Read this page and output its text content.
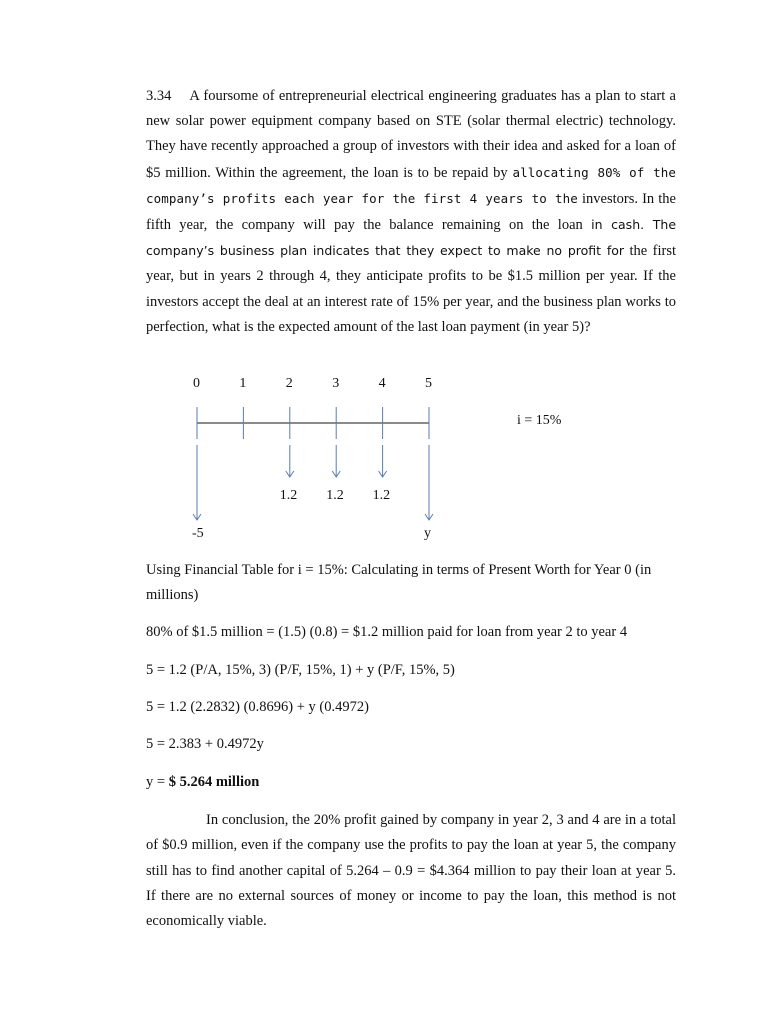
3.34 A foursome of entrepreneurial electrical engineering graduates has a plan to start a new solar power equipment company based on STE (solar thermal electric) technology. They have recently approached a group of investors with their idea and asked for a loan of $5 million. Within the agreement, the loan is to be repaid by allocating 80% of the company’s profits each year for the first 4 years to the investors. In the fifth year, the company will pay the balance remaining on the loan in cash. The company’s business plan indicates that they expect to make no profit for the first year, but in years 2 through 4, they anticipate profits to be $1.5 million per year. If the investors accept the deal at an interest rate of 15% per year, and the business plan works to perfection, what is the expected amount of the last loan payment (in year 5)?

0	1	2	3	4	5
i = 15%
-5
1.2 1.2 1.2
y

Using Financial Table for i = 15%: Calculating in terms of Present Worth for Year 0 (in millions)

80% of $1.5 million = (1.5) (0.8) = $1.2 million paid for loan from year 2 to year 4
5 = 1.2 (P/A, 15%, 3) (P/F, 15%, 1) + y (P/F, 15%, 5)
5 = 1.2 (2.2832) (0.8696) + y (0.4972)
5 = 2.383 + 0.4972y
y = $ 5.264 million

In conclusion, the 20% profit gained by company in year 2, 3 and 4 are in a total of $0.9 million, even if the company use the profits to pay the loan at year 5, the company still has to find another capital of 5.264 – 0.9 = $4.364 million to pay their loan at year 5. If there are no external sources of money or income to pay the loan, this method is not economically viable.
